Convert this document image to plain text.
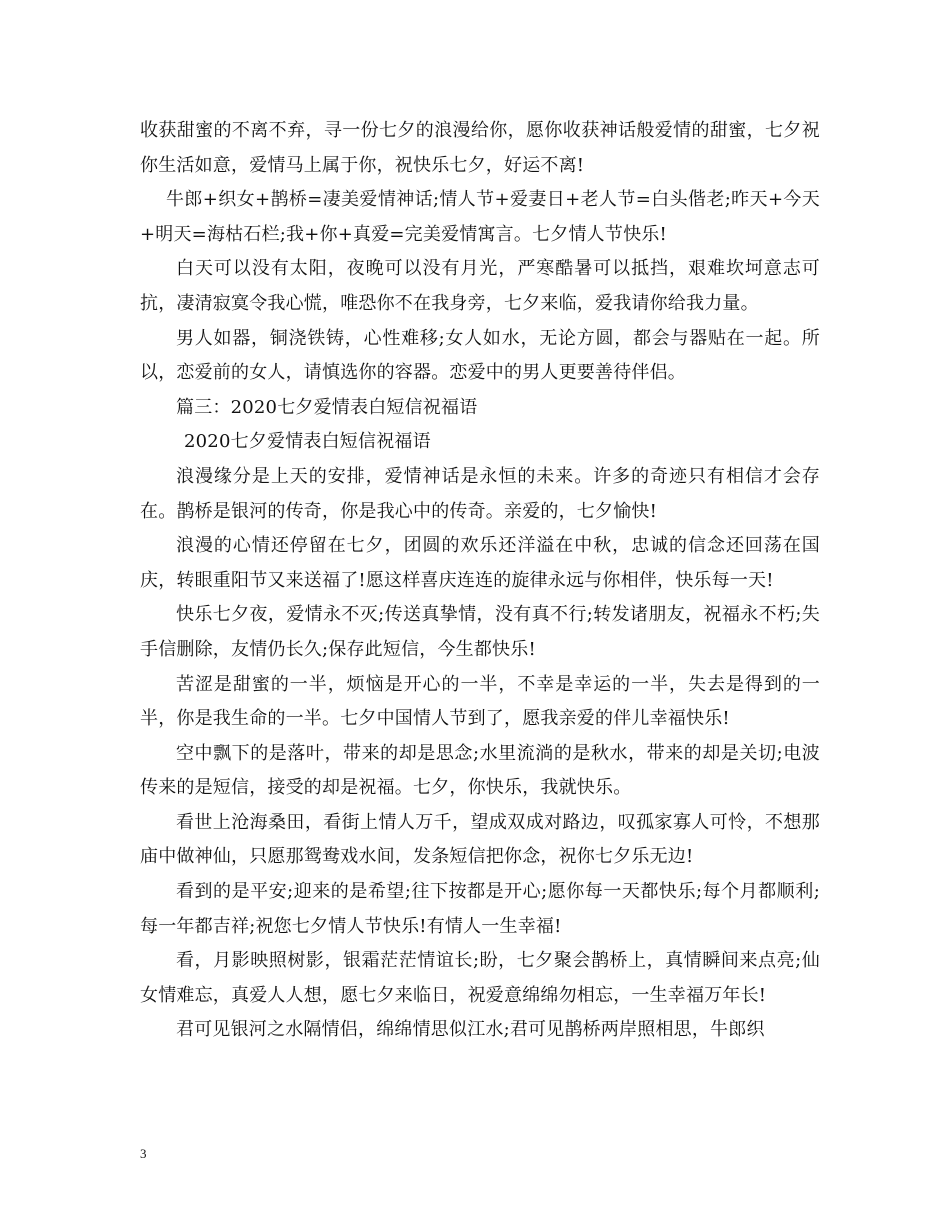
收获甜蜜的不离不弃，寻一份七夕的浪漫给你，愿你收获神话般爱情的甜蜜，七夕祝你生活如意，爱情马上属于你，祝快乐七夕，好运不离!

牛郎+织女+鹊桥=凄美爱情神话;情人节+爱妻日+老人节=白头偕老;昨天+今天+明天=海枯石栏;我+你+真爱=完美爱情寓言。七夕情人节快乐!

白天可以没有太阳，夜晚可以没有月光，严寒酷暑可以抵挡，艰难坎坷意志可抗，凄清寂寞令我心慌，唯恐你不在我身旁，七夕来临，爱我请你给我力量。

男人如器，铜浇铁铸，心性难移;女人如水，无论方圆，都会与器贴在一起。所以，恋爱前的女人，请慎选你的容器。恋爱中的男人更要善待伴侣。

篇三：2020七夕爱情表白短信祝福语

2020七夕爱情表白短信祝福语

浪漫缘分是上天的安排，爱情神话是永恒的未来。许多的奇迹只有相信才会存在。鹊桥是银河的传奇，你是我心中的传奇。亲爱的，七夕愉快!

浪漫的心情还停留在七夕，团圆的欢乐还洋溢在中秋，忠诚的信念还回荡在国庆，转眼重阳节又来送福了!愿这样喜庆连连的旋律永远与你相伴，快乐每一天!

快乐七夕夜，爱情永不灭;传送真挚情，没有真不行;转发诸朋友，祝福永不朽;失手信删除，友情仍长久;保存此短信，今生都快乐!

苦涩是甜蜜的一半，烦恼是开心的一半，不幸是幸运的一半，失去是得到的一半，你是我生命的一半。七夕中国情人节到了，愿我亲爱的伴儿幸福快乐!

空中飘下的是落叶，带来的却是思念;水里流淌的是秋水，带来的却是关切;电波传来的是短信，接受的却是祝福。七夕，你快乐，我就快乐。

看世上沧海桑田，看街上情人万千，望成双成对路边，叹孤家寡人可怜，不想那庙中做神仙，只愿那鸳鸯戏水间，发条短信把你念，祝你七夕乐无边!

看到的是平安;迎来的是希望;往下按都是开心;愿你每一天都快乐;每个月都顺利;每一年都吉祥;祝您七夕情人节快乐!有情人一生幸福!

看，月影映照树影，银霜茫茫情谊长;盼，七夕聚会鹊桥上，真情瞬间来点亮;仙女情难忘，真爱人人想，愿七夕来临日，祝爱意绵绵勿相忘，一生幸福万年长!

君可见银河之水隔情侣，绵绵情思似江水;君可见鹊桥两岸照相思，牛郎织

3
